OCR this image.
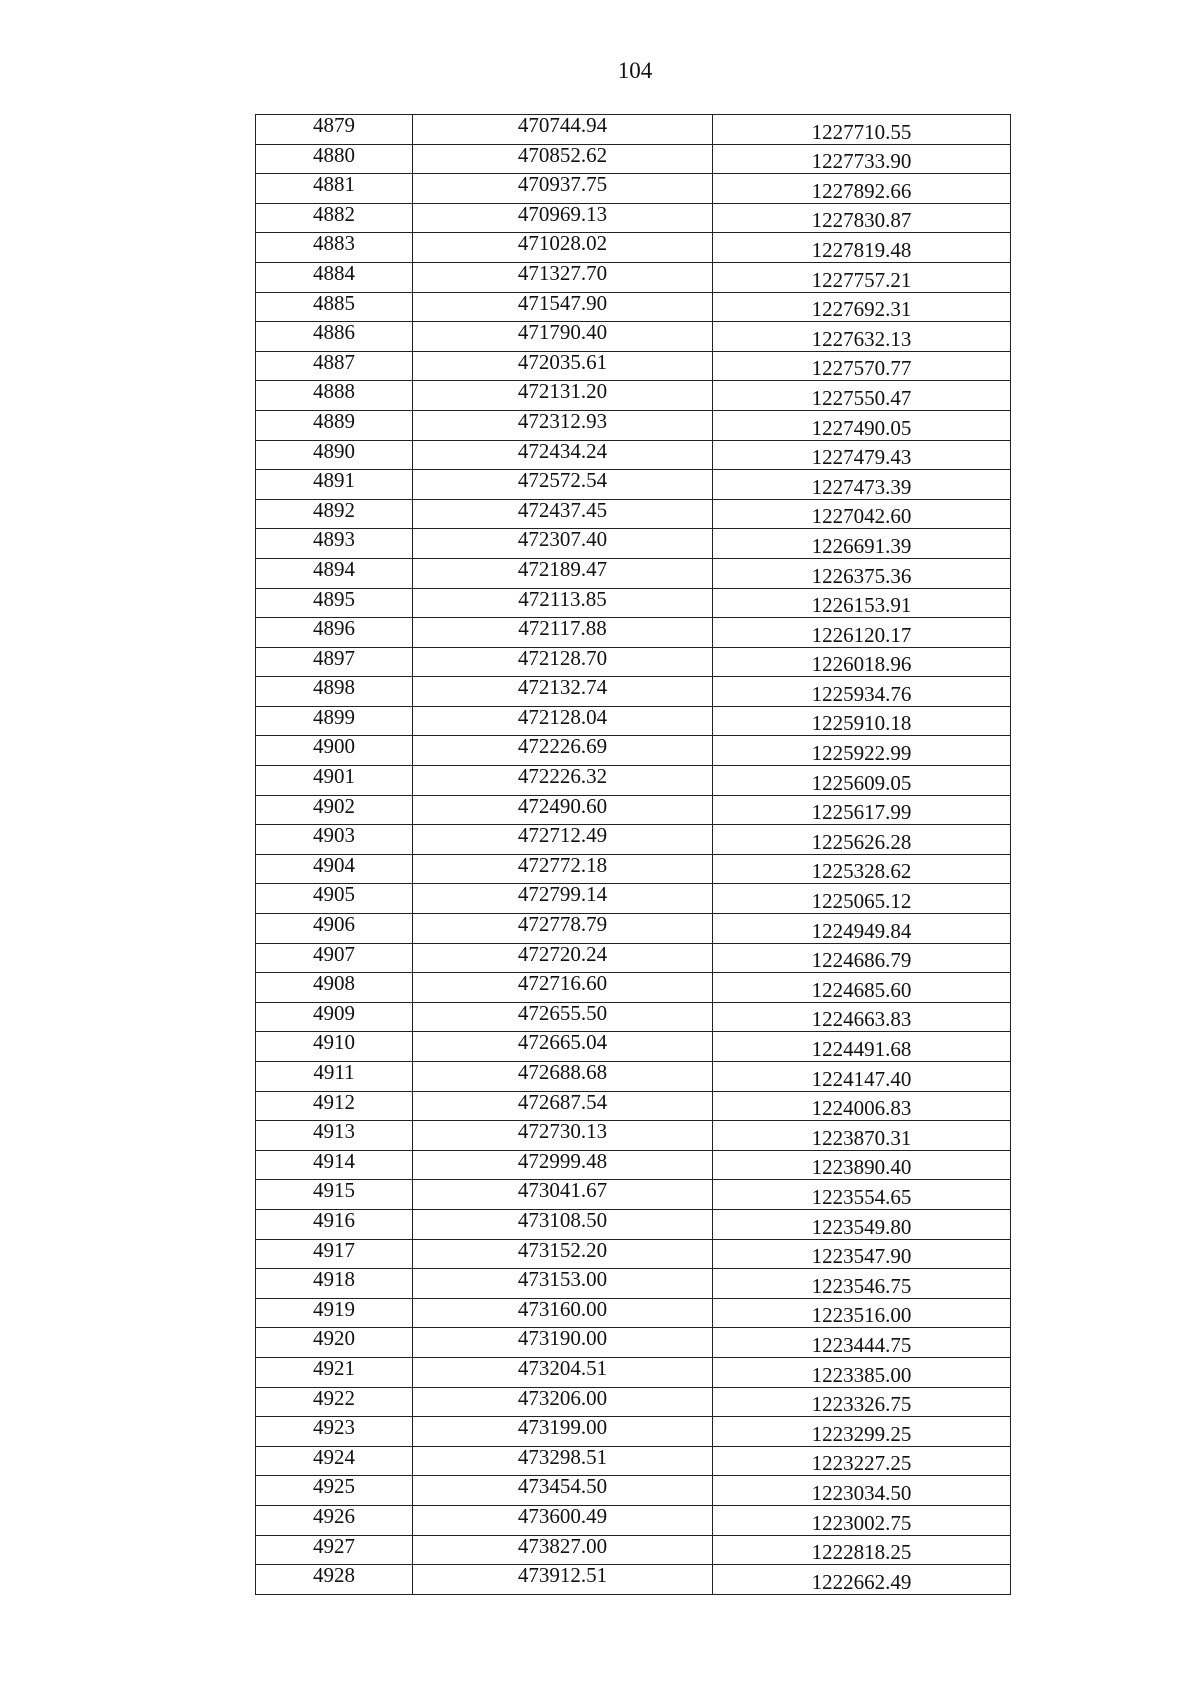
104
4879	470744.94	1227710.55
4880	470852.62	1227733.90
4881	470937.75	1227892.66
4882	470969.13	1227830.87
4883	471028.02	1227819.48
4884	471327.70	1227757.21
4885	471547.90	1227692.31
4886	471790.40	1227632.13
4887	472035.61	1227570.77
4888	472131.20	1227550.47
4889	472312.93	1227490.05
4890	472434.24	1227479.43
4891	472572.54	1227473.39
4892	472437.45	1227042.60
4893	472307.40	1226691.39
4894	472189.47	1226375.36
4895	472113.85	1226153.91
4896	472117.88	1226120.17
4897	472128.70	1226018.96
4898	472132.74	1225934.76
4899	472128.04	1225910.18
4900	472226.69	1225922.99
4901	472226.32	1225609.05
4902	472490.60	1225617.99
4903	472712.49	1225626.28
4904	472772.18	1225328.62
4905	472799.14	1225065.12
4906	472778.79	1224949.84
4907	472720.24	1224686.79
4908	472716.60	1224685.60
4909	472655.50	1224663.83
4910	472665.04	1224491.68
4911	472688.68	1224147.40
4912	472687.54	1224006.83
4913	472730.13	1223870.31
4914	472999.48	1223890.40
4915	473041.67	1223554.65
4916	473108.50	1223549.80
4917	473152.20	1223547.90
4918	473153.00	1223546.75
4919	473160.00	1223516.00
4920	473190.00	1223444.75
4921	473204.51	1223385.00
4922	473206.00	1223326.75
4923	473199.00	1223299.25
4924	473298.51	1223227.25
4925	473454.50	1223034.50
4926	473600.49	1223002.75
4927	473827.00	1222818.25
4928	473912.51	1222662.49
